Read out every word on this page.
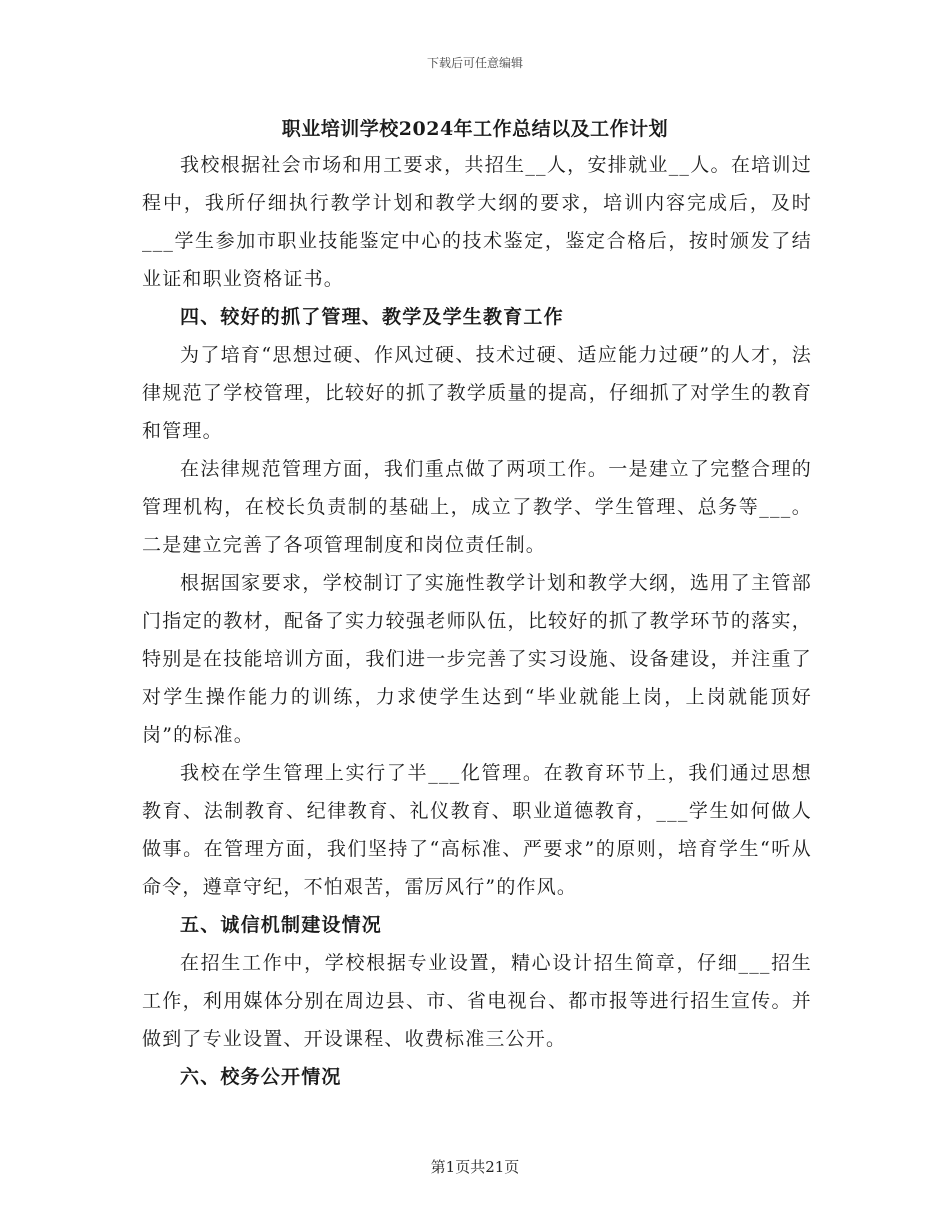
下载后可任意编辑
职业培训学校2024年工作总结以及工作计划

我校根据社会市场和用工要求，共招生__人，安排就业__人。在培训过程中，我所仔细执行教学计划和教学大纲的要求，培训内容完成后，及时___学生参加市职业技能鉴定中心的技术鉴定，鉴定合格后，按时颁发了结业证和职业资格证书。

四、较好的抓了管理、教学及学生教育工作

为了培育“思想过硬、作风过硬、技术过硬、适应能力过硬”的人才，法律规范了学校管理，比较好的抓了教学质量的提高，仔细抓了对学生的教育和管理。

在法律规范管理方面，我们重点做了两项工作。一是建立了完整合理的管理机构，在校长负责制的基础上，成立了教学、学生管理、总务等___。二是建立完善了各项管理制度和岗位责任制。

根据国家要求，学校制订了实施性教学计划和教学大纲，选用了主管部门指定的教材，配备了实力较强老师队伍，比较好的抓了教学环节的落实，特别是在技能培训方面，我们进一步完善了实习设施、设备建设，并注重了对学生操作能力的训练，力求使学生达到“毕业就能上岗，上岗就能顶好岗”的标准。

我校在学生管理上实行了半___化管理。在教育环节上，我们通过思想教育、法制教育、纪律教育、礼仪教育、职业道德教育，___学生如何做人做事。在管理方面，我们坚持了“高标准、严要求”的原则，培育学生“听从命令，遵章守纪，不怕艰苦，雷厉风行”的作风。

五、诚信机制建设情况

在招生工作中，学校根据专业设置，精心设计招生简章，仔细___招生工作，利用媒体分别在周边县、市、省电视台、都市报等进行招生宣传。并做到了专业设置、开设课程、收费标准三公开。

六、校务公开情况

第1页共21页
